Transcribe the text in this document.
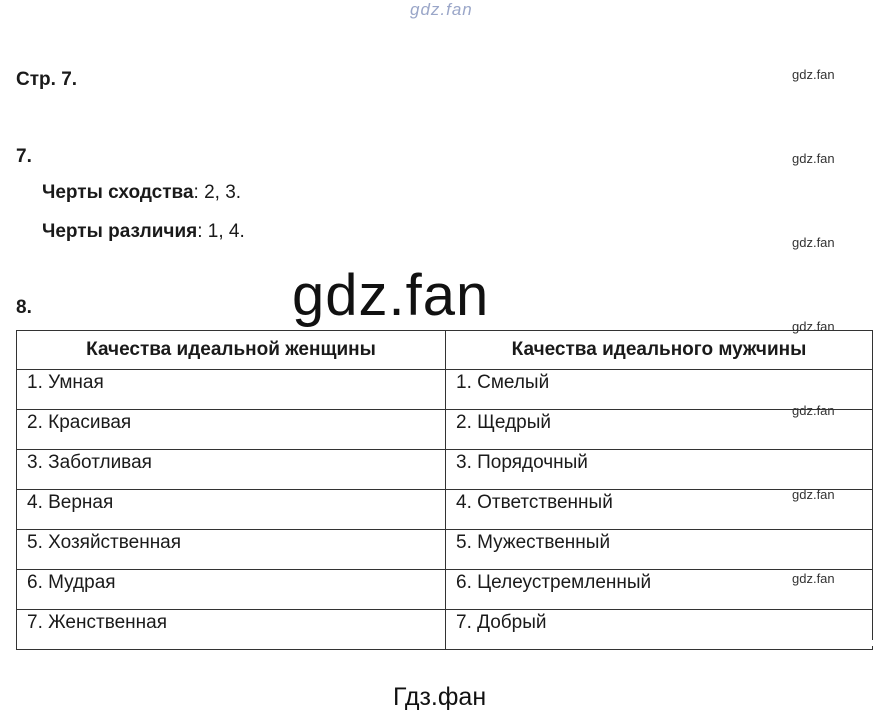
gdz.fan
gdz.fan
gdz.fan
gdz.fan
gdz.fan
gdz.fan
gdz.fan
gdz.fan
Стр. 7.
7.
Черты сходства: 2, 3.
Черты различия: 1, 4.
8.
Качества идеальной женщины	Качества идеального мужчины
1. Умная	1. Смелый
2. Красивая	2. Щедрый
3. Заботливая	3. Порядочный
4. Верная	4. Ответственный
5. Хозяйственная	5. Мужественный
6. Мудрая	6. Целеустремленный
7. Женственная	7. Добрый
gdz.fan
Гдз.фан
